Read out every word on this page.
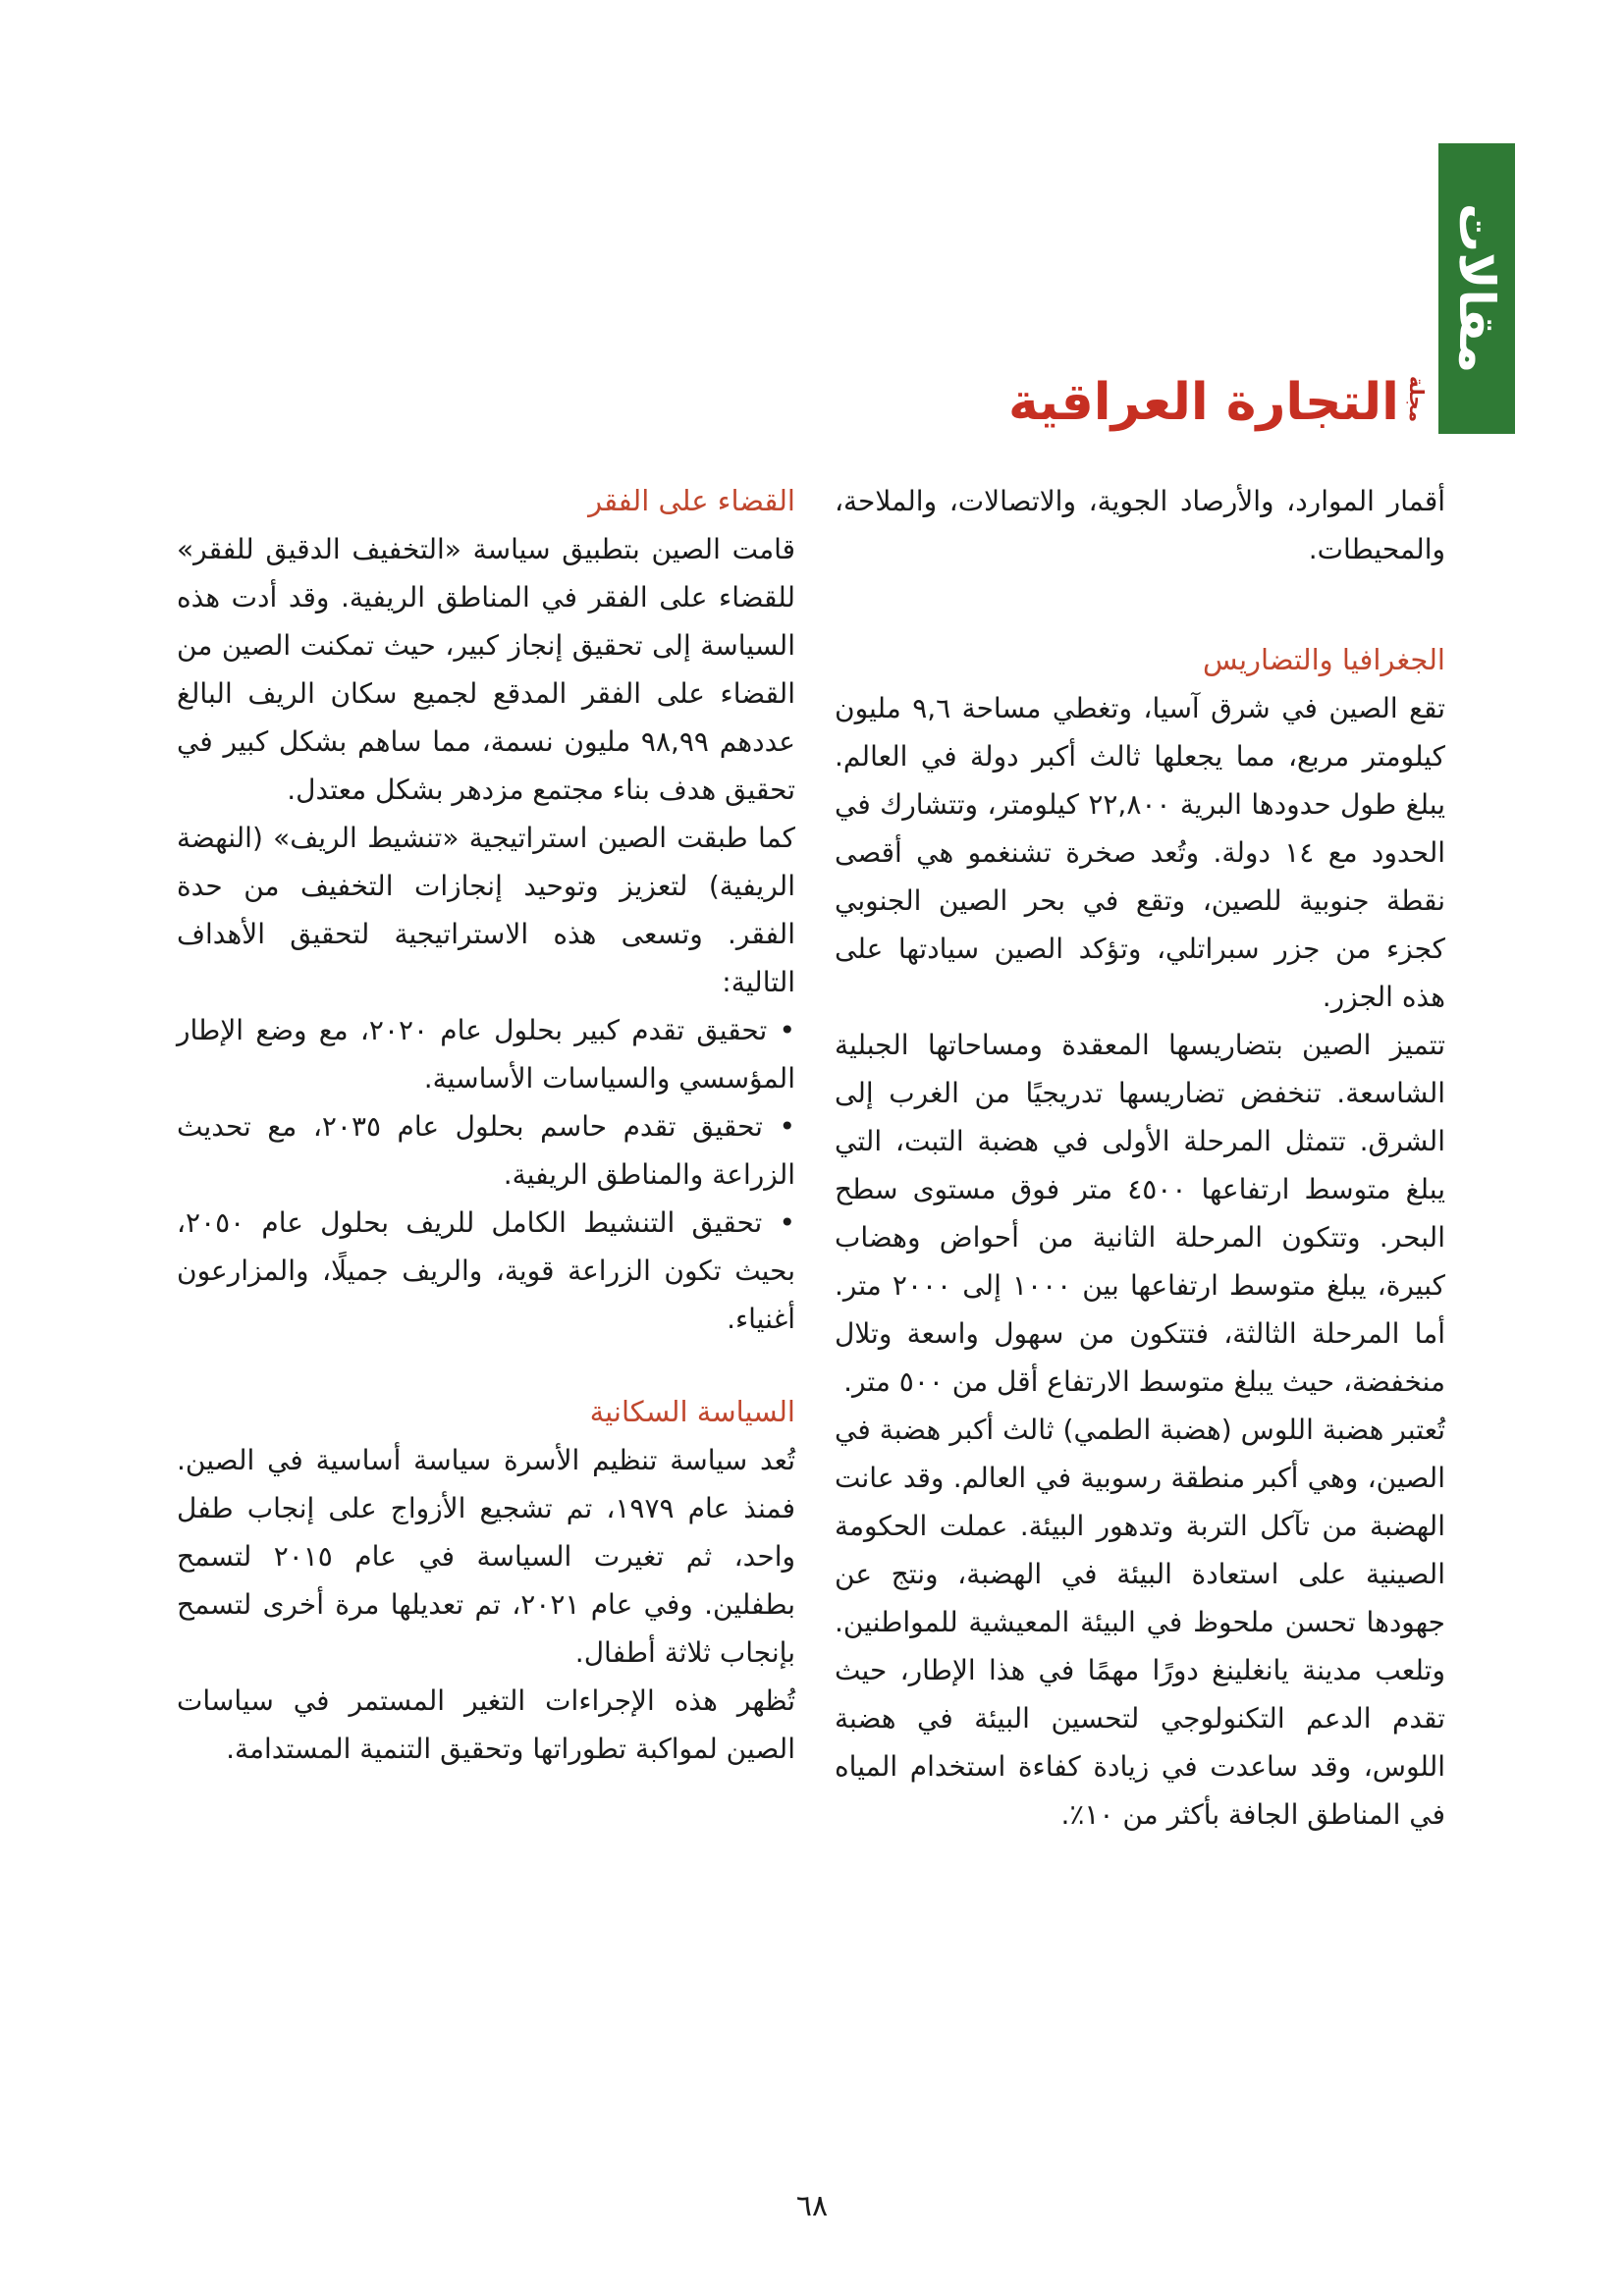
مقالات
مجلة
التجارة العراقية

أقمار الموارد، والأرصاد الجوية، والاتصالات، والملاحة، والمحيطات.

الجغرافيا والتضاريس

تقع الصين في شرق آسيا، وتغطي مساحة ٩,٦ مليون كيلومتر مربع، مما يجعلها ثالث أكبر دولة في العالم. يبلغ طول حدودها البرية ٢٢,٨٠٠ كيلومتر، وتتشارك في الحدود مع ١٤ دولة. وتُعد صخرة تشنغمو هي أقصى نقطة جنوبية للصين، وتقع في بحر الصين الجنوبي كجزء من جزر سبراتلي، وتؤكد الصين سيادتها على هذه الجزر.

تتميز الصين بتضاريسها المعقدة ومساحاتها الجبلية الشاسعة. تنخفض تضاريسها تدريجيًا من الغرب إلى الشرق. تتمثل المرحلة الأولى في هضبة التبت، التي يبلغ متوسط ارتفاعها ٤٥٠٠ متر فوق مستوى سطح البحر. وتتكون المرحلة الثانية من أحواض وهضاب كبيرة، يبلغ متوسط ارتفاعها بين ١٠٠٠ إلى ٢٠٠٠ متر. أما المرحلة الثالثة، فتتكون من سهول واسعة وتلال منخفضة، حيث يبلغ متوسط الارتفاع أقل من ٥٠٠ متر.

تُعتبر هضبة اللوس (هضبة الطمي) ثالث أكبر هضبة في الصين، وهي أكبر منطقة رسوبية في العالم. وقد عانت الهضبة من تآكل التربة وتدهور البيئة. عملت الحكومة الصينية على استعادة البيئة في الهضبة، ونتج عن جهودها تحسن ملحوظ في البيئة المعيشية للمواطنين. وتلعب مدينة يانغلينغ دورًا مهمًا في هذا الإطار، حيث تقدم الدعم التكنولوجي لتحسين البيئة في هضبة اللوس، وقد ساعدت في زيادة كفاءة استخدام المياه في المناطق الجافة بأكثر من ١٠٪.

القضاء على الفقر

قامت الصين بتطبيق سياسة «التخفيف الدقيق للفقر» للقضاء على الفقر في المناطق الريفية. وقد أدت هذه السياسة إلى تحقيق إنجاز كبير، حيث تمكنت الصين من القضاء على الفقر المدقع لجميع سكان الريف البالغ عددهم ٩٨,٩٩ مليون نسمة، مما ساهم بشكل كبير في تحقيق هدف بناء مجتمع مزدهر بشكل معتدل.

كما طبقت الصين استراتيجية «تنشيط الريف» (النهضة الريفية) لتعزيز وتوحيد إنجازات التخفيف من حدة الفقر. وتسعى هذه الاستراتيجية لتحقيق الأهداف التالية:

• تحقيق تقدم كبير بحلول عام ٢٠٢٠، مع وضع الإطار المؤسسي والسياسات الأساسية.

• تحقيق تقدم حاسم بحلول عام ٢٠٣٥، مع تحديث الزراعة والمناطق الريفية.

• تحقيق التنشيط الكامل للريف بحلول عام ٢٠٥٠، بحيث تكون الزراعة قوية، والريف جميلًا، والمزارعون أغنياء.

السياسة السكانية

تُعد سياسة تنظيم الأسرة سياسة أساسية في الصين. فمنذ عام ١٩٧٩، تم تشجيع الأزواج على إنجاب طفل واحد، ثم تغيرت السياسة في عام ٢٠١٥ لتسمح بطفلين. وفي عام ٢٠٢١، تم تعديلها مرة أخرى لتسمح بإنجاب ثلاثة أطفال.

تُظهر هذه الإجراءات التغير المستمر في سياسات الصين لمواكبة تطوراتها وتحقيق التنمية المستدامة.

٦٨
